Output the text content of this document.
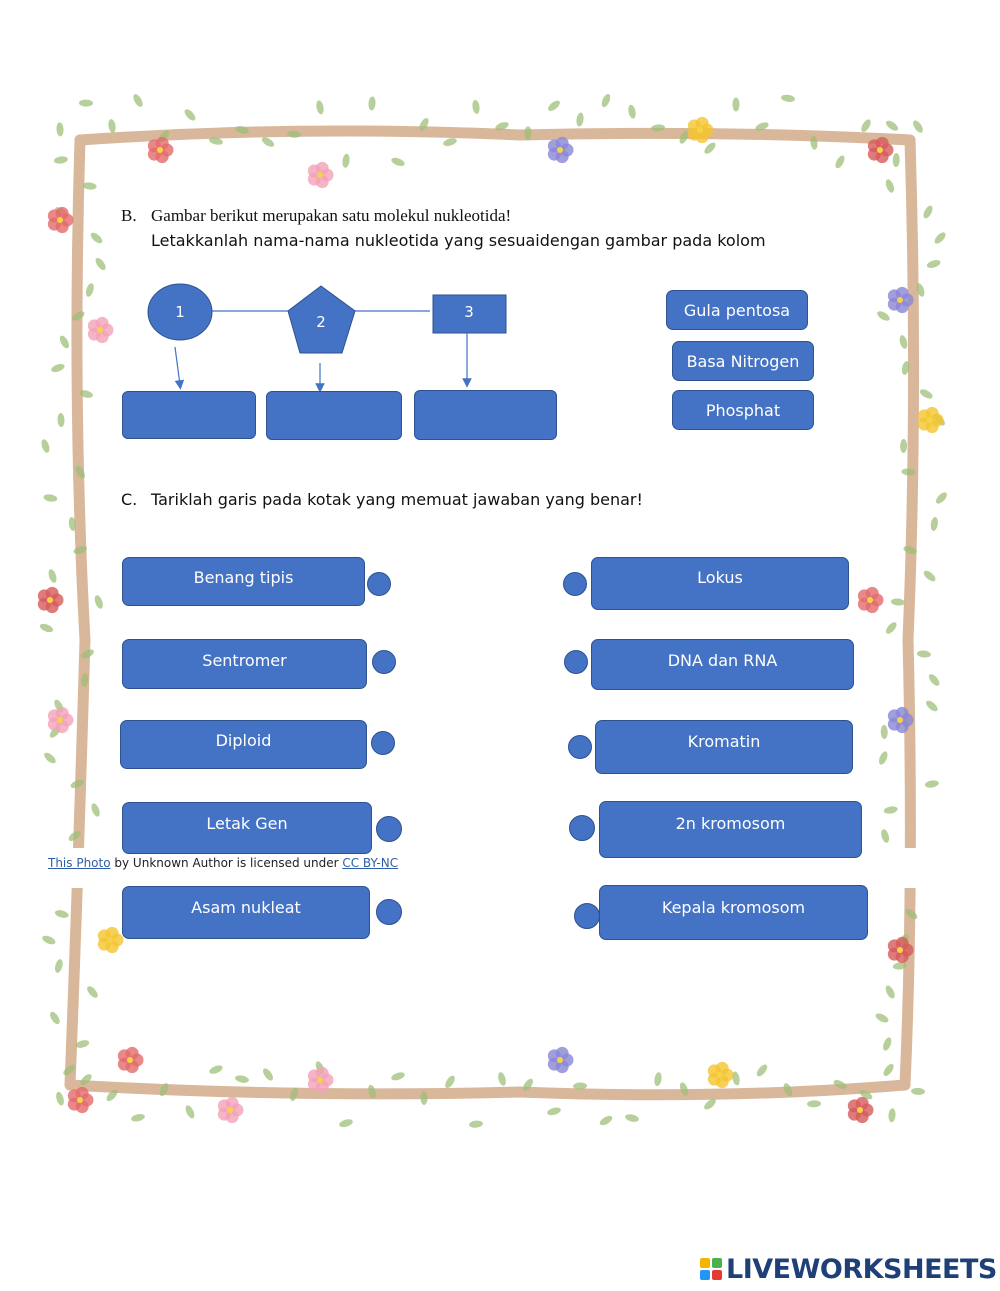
B. Gambar berikut merupakan satu molekul nukleotida!
Letakkanlah nama-nama nukleotida yang sesuaidengan gambar pada kolom
1
2
3	Gula pentosa
Basa Nitrogen
Phosphat
C. Tariklah garis pada kotak yang memuat jawaban yang benar!
Benang tipis
Sentromer
Diploid
Letak Gen
Asam nukleat
Lokus
DNA dan RNA
Kromatin
2n kromosom
Kepala kromosom
This Photo by Unknown Author is licensed under CC BY-NC
LIVEWORKSHEETS
